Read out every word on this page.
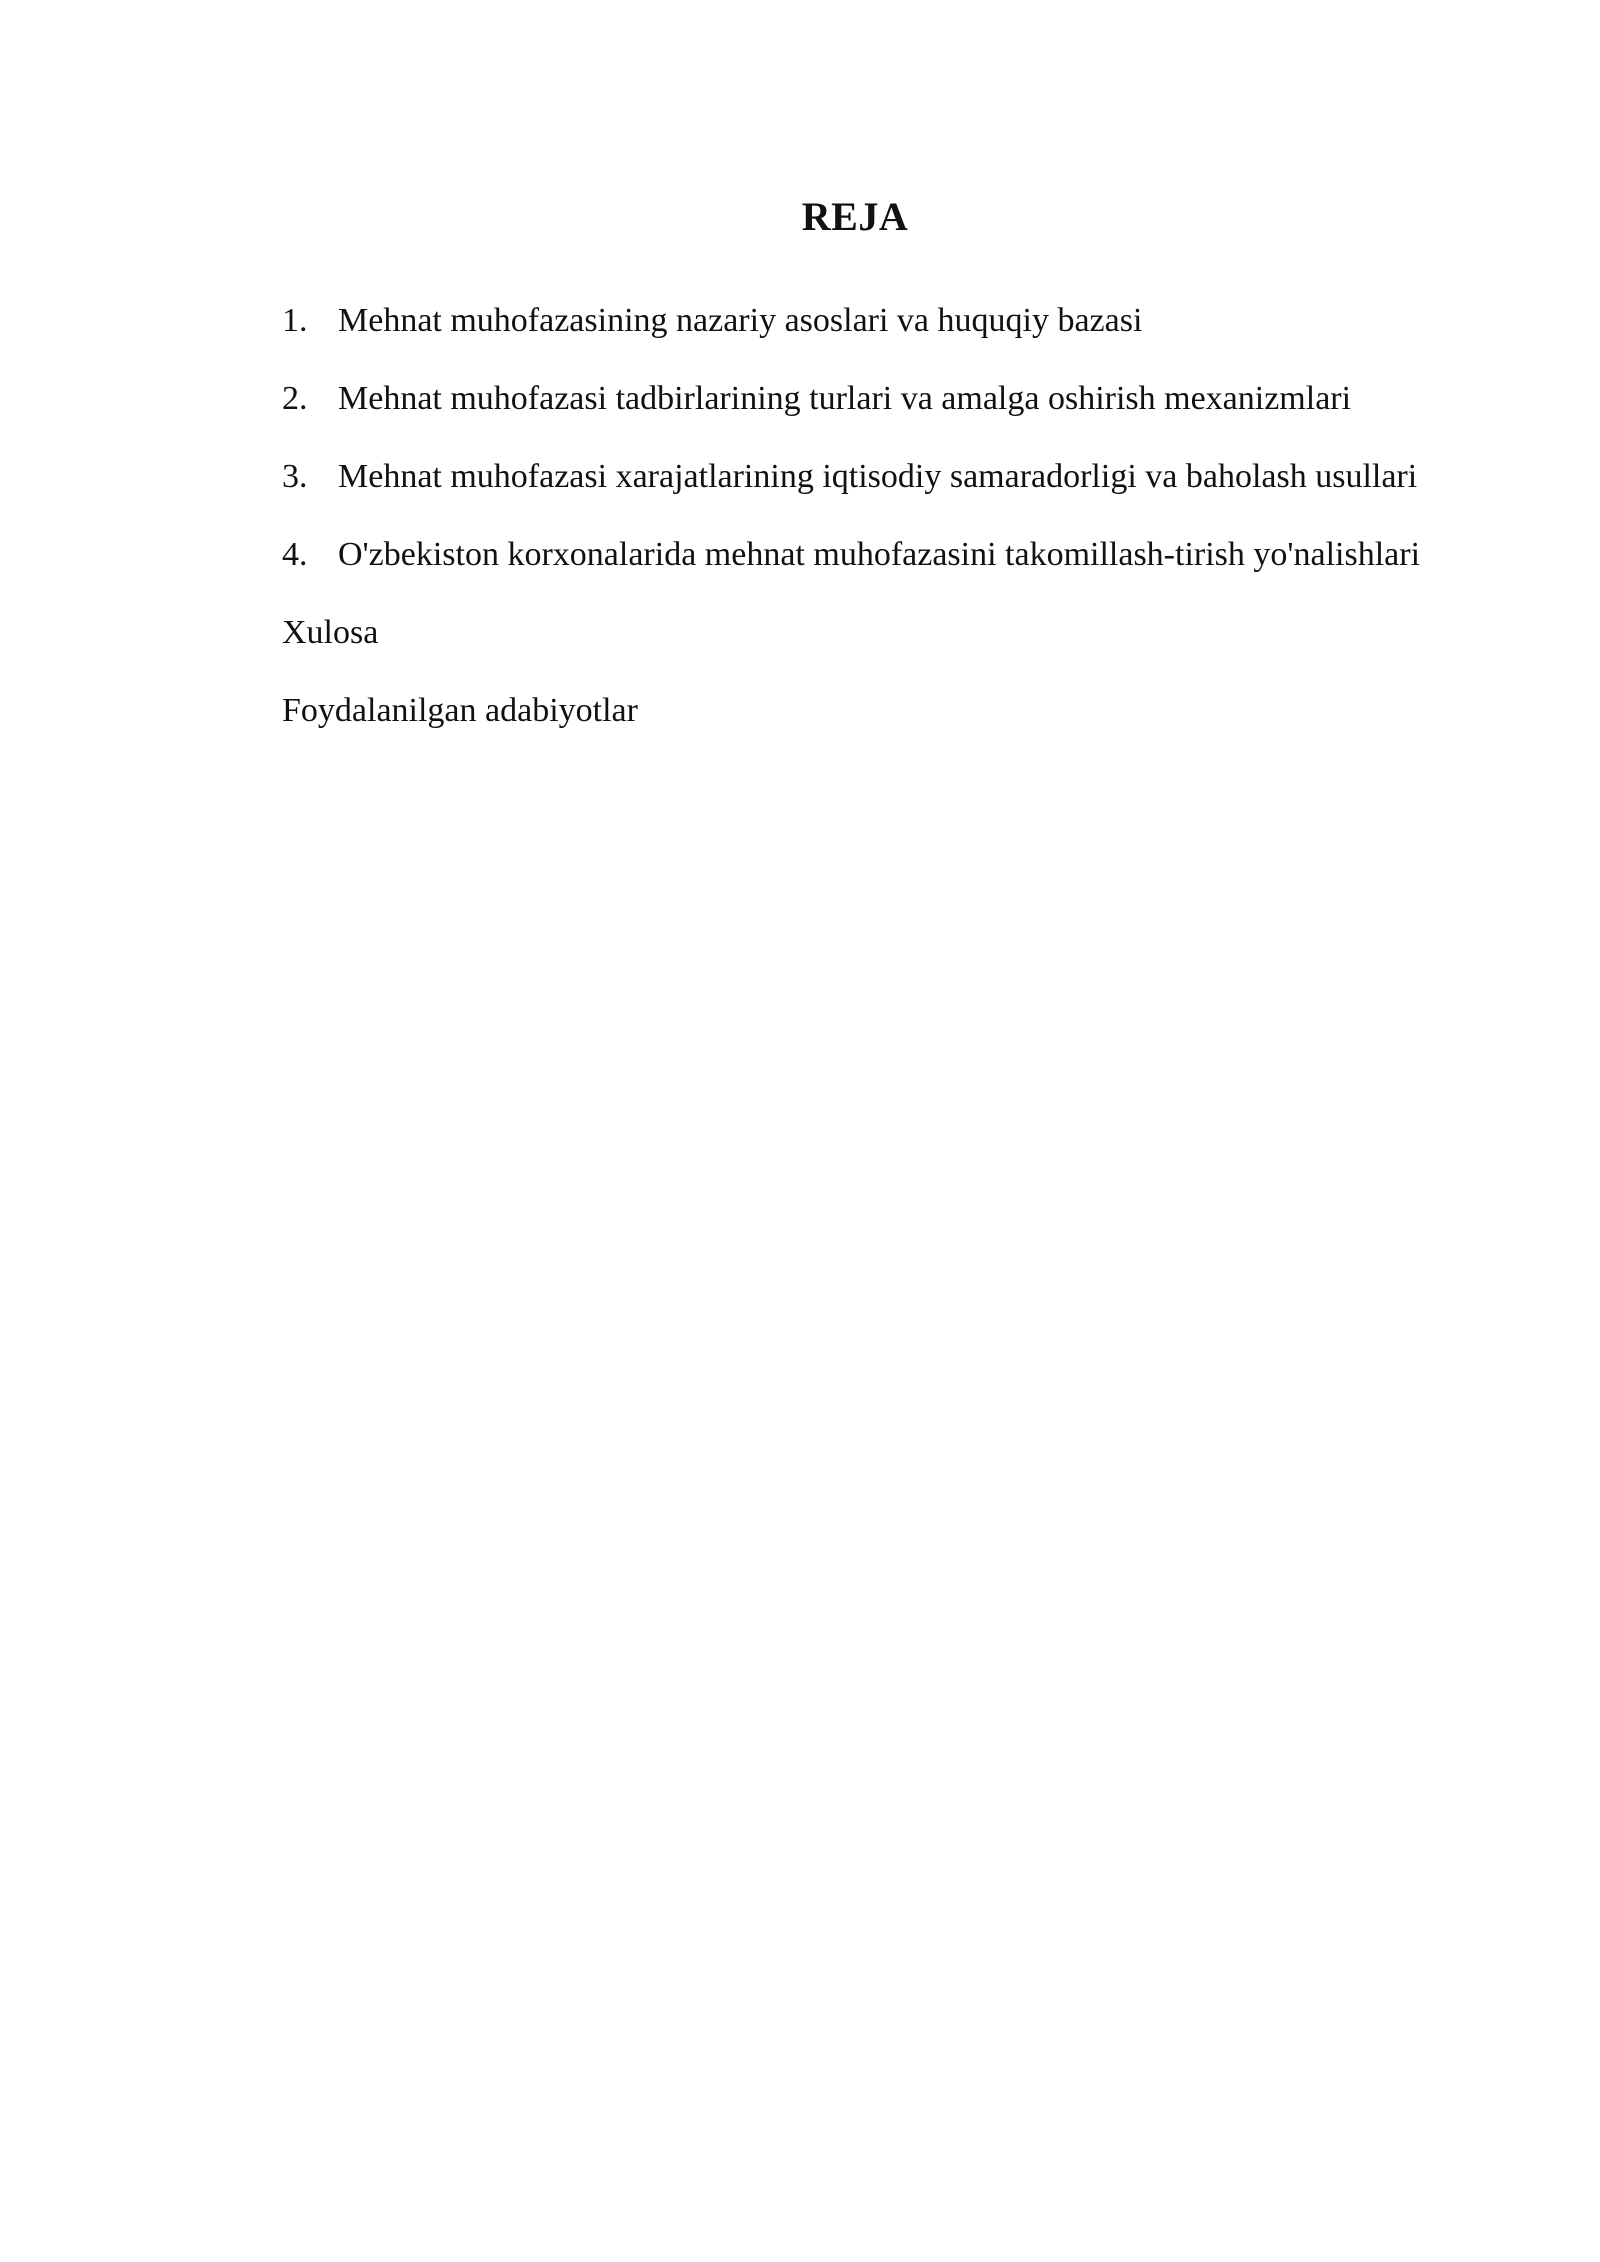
REJA

1. Mehnat muhofazasining nazariy asoslari va huquqiy bazasi

2. Mehnat muhofazasi tadbirlarining turlari va amalga oshirish mexanizmlari

3. Mehnat muhofazasi xarajatlarining iqtisodiy samaradorligi va baholash usullari

4. O'zbekiston korxonalarida mehnat muhofazasini takomillash-tirish yo'nalishlari

Xulosa

Foydalanilgan adabiyotlar
